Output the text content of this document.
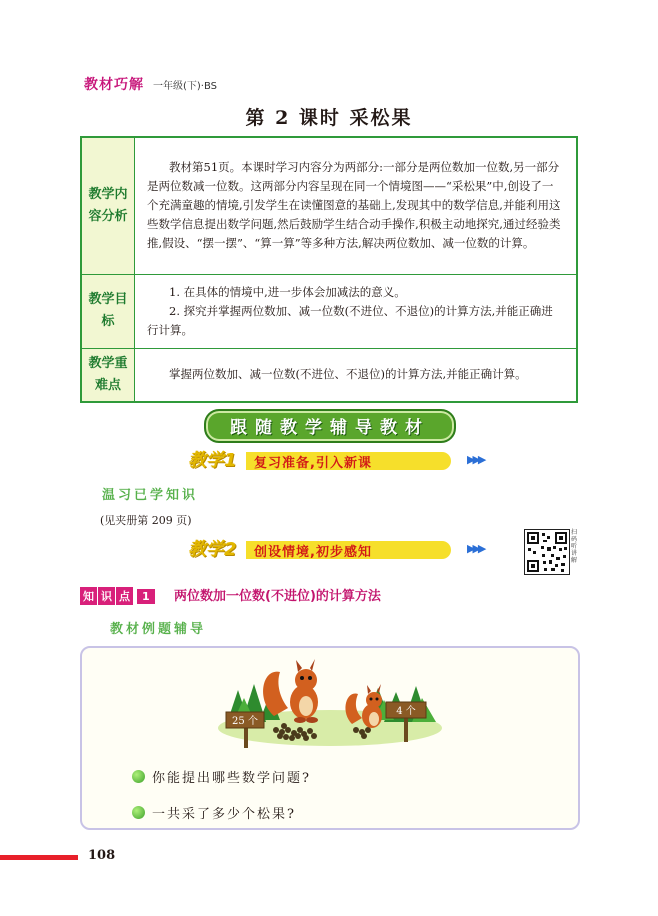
教材巧解 一年级(下)·BS
第 2 课时 采松果
教学内容分析	教材第51页。本课时学习内容分为两部分:一部分是两位数加一位数,另一部分是两位数减一位数。这两部分内容呈现在同一个情境图——“采松果”中,创设了一个充满童趣的情境,引发学生在读懂图意的基础上,发现其中的数学信息,并能利用这些数学信息提出数学问题,然后鼓励学生结合动手操作,积极主动地探究,通过经验类推,假设、“摆一摆”、“算一算”等多种方法,解决两位数加、减一位数的计算。

教学目标	1. 在具体的情境中,进一步体会加减法的意义。

2. 探究并掌握两位数加、减一位数(不进位、不退位)的计算方法,并能正确进行计算。

教学重难点	掌握两位数加、减一位数(不进位、不退位)的计算方法,并能正确计算。

跟随教学辅导教材
教学1 复习准备,引入新课	▶▶▶
温习已学知识
(见夹册第 209 页)
教学2 创设情境,初步感知	▶▶▶
扫码听讲解
知 识 点 1	两位数加一位数(不进位)的计算方法
教材例题辅导
25 个
4 个
你能提出哪些数学问题?
一共采了多少个松果?
108
